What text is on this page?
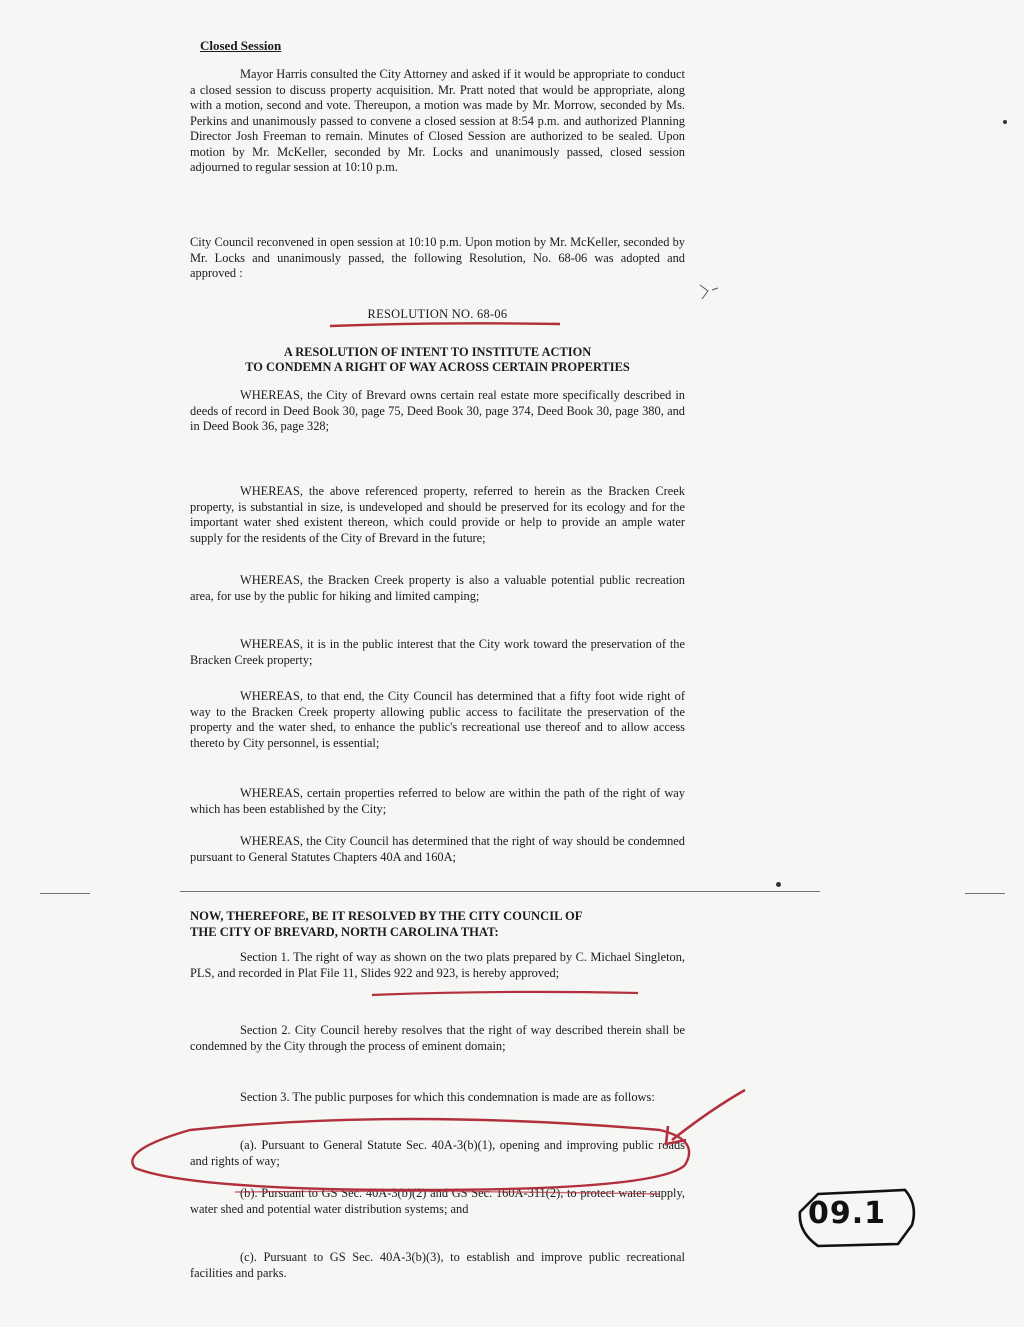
Closed Session

Mayor Harris consulted the City Attorney and asked if it would be appropriate to conduct a closed session to discuss property acquisition. Mr. Pratt noted that would be appropriate, along with a motion, second and vote. Thereupon, a motion was made by Mr. Morrow, seconded by Ms. Perkins and unanimously passed to convene a closed session at 8:54 p.m. and authorized Planning Director Josh Freeman to remain. Minutes of Closed Session are authorized to be sealed. Upon motion by Mr. McKeller, seconded by Mr. Locks and unanimously passed, closed session adjourned to regular session at 10:10 p.m.

City Council reconvened in open session at 10:10 p.m. Upon motion by Mr. McKeller, seconded by Mr. Locks and unanimously passed, the following Resolution, No. 68-06 was adopted and approved :

RESOLUTION NO. 68-06
A RESOLUTION OF INTENT TO INSTITUTE ACTION
TO CONDEMN A RIGHT OF WAY ACROSS CERTAIN PROPERTIES

WHEREAS, the City of Brevard owns certain real estate more specifically described in deeds of record in Deed Book 30, page 75, Deed Book 30, page 374, Deed Book 30, page 380, and in Deed Book 36, page 328;

WHEREAS, the above referenced property, referred to herein as the Bracken Creek property, is substantial in size, is undeveloped and should be preserved for its ecology and for the important water shed existent thereon, which could provide or help to provide an ample water supply for the residents of the City of Brevard in the future;

WHEREAS, the Bracken Creek property is also a valuable potential public recreation area, for use by the public for hiking and limited camping;

WHEREAS, it is in the public interest that the City work toward the preservation of the Bracken Creek property;

WHEREAS, to that end, the City Council has determined that a fifty foot wide right of way to the Bracken Creek property allowing public access to facilitate the preservation of the property and the water shed, to enhance the public's recreational use thereof and to allow access thereto by City personnel, is essential;

WHEREAS, certain properties referred to below are within the path of the right of way which has been established by the City;

WHEREAS, the City Council has determined that the right of way should be condemned pursuant to General Statutes Chapters 40A and 160A;

NOW, THEREFORE, BE IT RESOLVED BY THE CITY COUNCIL OF
THE CITY OF BREVARD, NORTH CAROLINA THAT:

Section 1. The right of way as shown on the two plats prepared by C. Michael Singleton, PLS, and recorded in Plat File 11, Slides 922 and 923, is hereby approved;

Section 2. City Council hereby resolves that the right of way described therein shall be condemned by the City through the process of eminent domain;

Section 3. The public purposes for which this condemnation is made are as follows:

(a). Pursuant to General Statute Sec. 40A-3(b)(1), opening and improving public roads and rights of way;

(b). Pursuant to GS Sec. 40A-3(b)(2) and GS Sec. 160A-311(2), to protect water supply, water shed and potential water distribution systems; and

(c). Pursuant to GS Sec. 40A-3(b)(3), to establish and improve public recreational facilities and parks.

09.1
